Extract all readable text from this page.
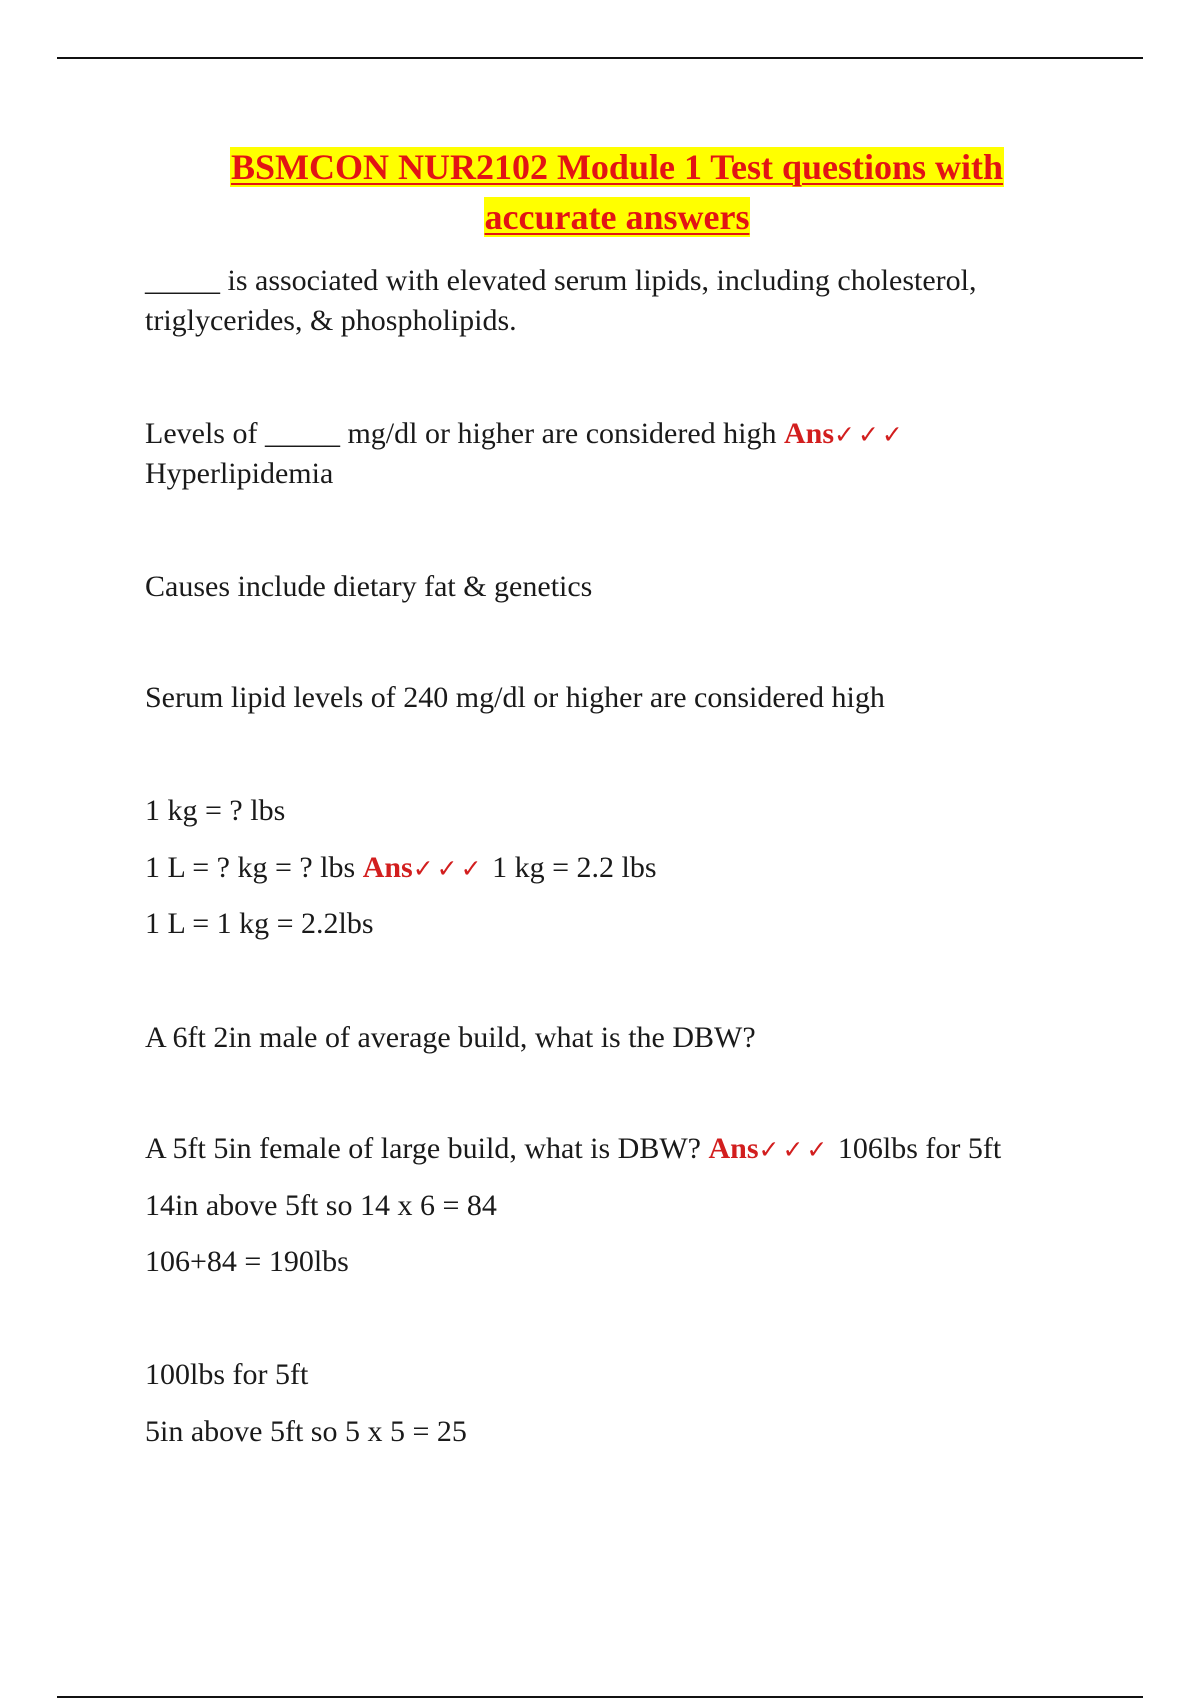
BSMCON NUR2102 Module 1 Test questions with
accurate answers
_____ is associated with elevated serum lipids, including cholesterol,
triglycerides, & phospholipids.
Levels of _____ mg/dl or higher are considered high Ans✓✓✓
Hyperlipidemia
Causes include dietary fat & genetics
Serum lipid levels of 240 mg/dl or higher are considered high
1 kg = ? lbs
1 L = ? kg = ? lbs Ans✓✓✓ 1 kg = 2.2 lbs
1 L = 1 kg = 2.2lbs
A 6ft 2in male of average build, what is the DBW?
A 5ft 5in female of large build, what is DBW? Ans✓✓✓ 106lbs for 5ft
14in above 5ft so 14 x 6 = 84
106+84 = 190lbs
100lbs for 5ft
5in above 5ft so 5 x 5 = 25
